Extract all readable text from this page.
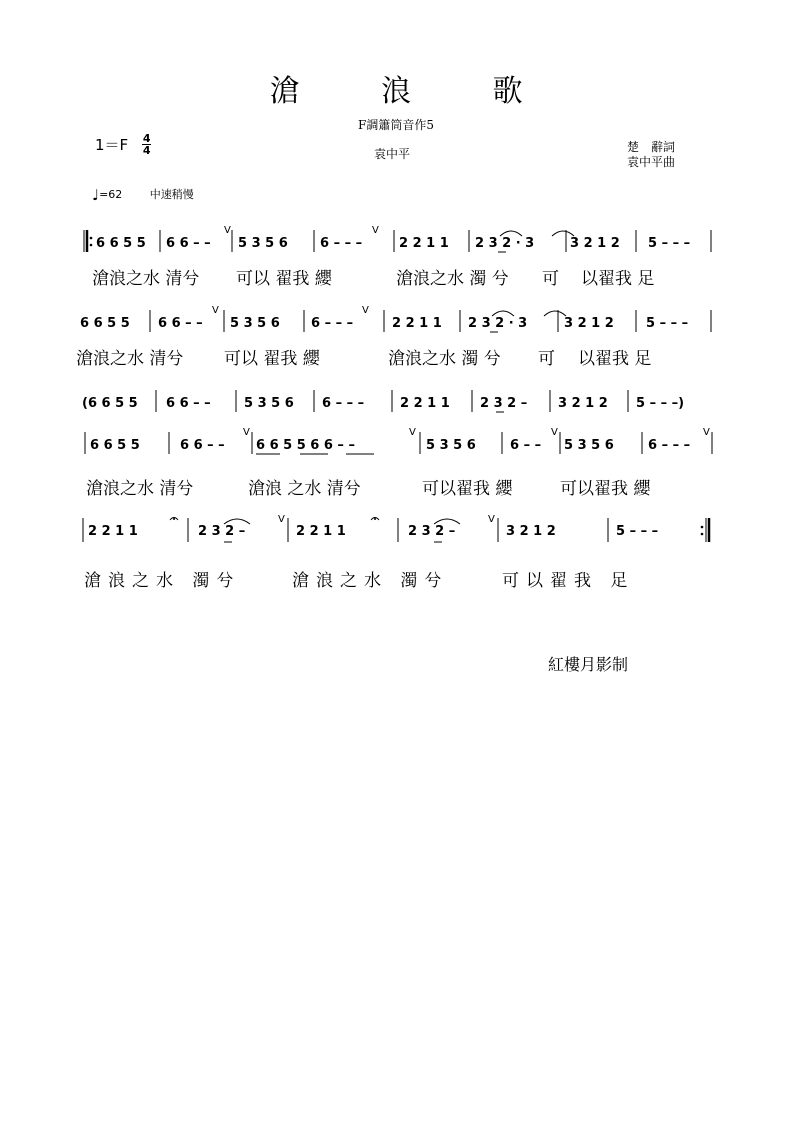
滄 浪 歌
F調簫筒音作5
袁中平	楚　辭詞
袁中平曲
1＝F 4
4
♩=62	中速稍慢
V	V
6 6 5 5 6 6 – – 5 3 5 6 6 – – –	2 2 1 1 2 3 2 · 3	3 2 1 2 5 – – –
滄浪之水 清兮 可以 翟我 纓	滄浪之水 濁 兮 可 以翟我 足
V	V
6 6 5 5 6 6 – – 5 3 5 6 6 – – –	2 2 1 1 2 3 2 · 3	3 2 1 2 5 – – –
滄浪之水 清兮 可以 翟我 纓	滄浪之水 濁 兮 可 以翟我 足
(6 6 5 5 6 6 – –	5 3 5 6 6 – – –	2 2 1 1 2 3 2 – 3 2 1 2 5 – – –)
V	V	V	V
6 6 5 5	6 6 – – 6 6 5 5 6 6 – –	5 3 5 6	6 – – 5 3 5 6	6 – – –
滄浪之水 清兮	滄浪 之水 清兮	可以翟我 纓	可以翟我 纓
V	V
2 2 1 1	2 3 2 –	2 2 1 1	2 3 2 –	3 2 1 2	5 – – –
滄浪之水 濁兮	滄浪之水 濁兮	可以翟我 足
紅樓月影制
